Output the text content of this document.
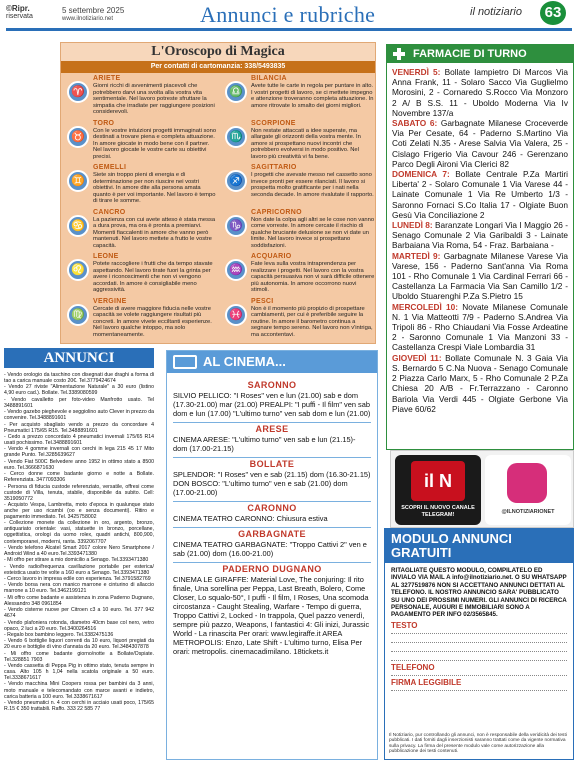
©Ripr.
riservata
5 settembre 2025
www.ilnotiziario.net	Annunci e rubriche	il notiziario	63
L'Oroscopo di Magica
Per contatti di cartomanzia: 338/5493835
♈
ARIETE
Giorni ricchi di avvenimenti piacevoli che potrebbero darvi una svolta alla vostra vita sentimentale. Nel lavoro potreste sfruttare la simpatia che irradiate per raggiungere posizioni considerevoli.
♉
TORO
Con le vostre intuizioni progetti immaginati sono destinati a trovare piena e completa attuazione. In amore giocate in modo bene con il partner. Nel lavoro giocate le vostre carte su obiettivi precisi.
♊
GEMELLI
Siete sin troppo pieni di energia e di determinazione per non riuscire nei vostri obiettivi. In amore dite alla persona amata quanto è per voi importante. Nel lavoro è tempo di tirare le somme.
♋
CANCRO
La pazienza con cui avete atteso è stata messa a dura prova, ma ora è pronta a premiarvi. Momenti fiaccalenti in amore che vanno però mantenuti. Nel lavoro mettete a frutto le vostre capacità.
♌
LEONE
Potete raccogliere i frutti che da tempo stavate aspettando. Nel lavoro tirate fuori la grinta per avere i riconoscimenti che non vi vengono accordati. In amore è consigliabile meno aggressività.
♍
VERGINE
Cercate di avere maggiore fiducia nelle vostre capacità se volete raggiungere risultati più concreti. In amore vivete ecciltanti esperienze. Nel lavoro qualche intoppo, ma solo momentaneamente.
♎
BILANCIA
Avete tutte le carte in regola per puntare in alto. I vostri progetti di lavoro, se ci mettete impegno e attenzione troveranno completa attuazione. In amore ritrovate lo smalto dei giorni migliori.
♏
SCORPIONE
Non restate attaccati a idee superate, ma allargate gli orizzonti della vostra mente. In amore si prospettano nuovi incontri che potrebbero evolversi in modo positivo. Nel lavoro più creatività vi fa bene.
♐
SAGITTARIO
I progetti che avevate messo nel cassetto sono invece pronti per essere rilanciati. Il lavoro si prospetta molto gratificante per i nati nella seconda decade. In amore rivalutate il rapporto.
♑
CAPRICORNO
Non date la colpa agli altri se le cose non vanno come vorreste. In amore cercate il rischio di qualche bruciante delusione se non vi date un limite. Nel lavoro invece si prospettano soddisfazioni.
♒
ACQUARIO
Fate leva sulla vostra intraprendenza per realizzare i progetti. Nel lavoro con la vostra capacità persuasiva non vi sarà difficile ottenere più autonomia. In amore occorrono nuovi stimoli.
♓
PESCI
Non è il momento più propizio di prospettare cambiamenti, per cui è preferibile seguire la routine. In amore il barometro continua a segnare tempo sereno. Nel lavoro non v'intriga, ma accontentavi.
FARMACIE DI TURNO
VENERDÌ 5: Bollate Iampietro Di Marcos Via Anna Frank, 11 - Solaro Sacco Via Guglielmo Morosini, 2 - Cornaredo S.Rocco Via Monzoro 2 A/ B S.S. 11 - Uboldo Moderna Via Iv Novembre 137/a
SABATO 6: Garbagnate Milanese Croceverde Via Per Cesate, 64 - Paderno S.Martino Via Coti Zelati N.35 - Arese Salvia Via Valera, 25 - Cislago Frigerio Via Cavour 246 - Gerenzano Parco Degli Aironi Via Clerici 82
DOMENICA 7: Bollate Centrale P.Za Martiri Liberta' 2 - Solaro Comunale 1 Via Varese 44 - Lainate Comunale 1 Via Re Umberto 1/3 - Saronno Fornaci S.Co Italia 17 - Olgiate Buon Gesù Via Conciliazione 2
LUNEDÌ 8: Baranzate Longari Via I Maggio 26 - Senago Comunale 2 Via Garibaldi 3 - Lainate Barbaiana Via Roma, 54 - Fraz. Barbaiana -
MARTEDÌ 9: Garbagnate Milanese Varese Via Varese, 156 - Paderno Sant'anna Via Roma 101 - Rho Comunale 1 Via Cardinal Ferrari 66 - Castellanza La Farmacia Via San Camillo 1/2 - Uboldo Stuarenghi P.Za S.Pietro 15
MERCOLEDÌ 10: Novate Milanese Comunale N. 1 Via Matteotti 7/9 - Paderno S.Andrea Via Tripoli 86 - Rho Chiaudani Via Fosse Ardeatine 2 - Saronno Comunale 1 Via Manzoni 33 - Castellanza Crespi Viale Lombardia 31
GIOVEDÌ 11: Bollate Comunale N. 3 Gaia Via S. Bernardo 5 C.Na Nuova - Senago Comunale 2 Piazza Carlo Marx, 5 - Rho Comunale 2 P.Za Chiesa 20 A/B - Fr.Terrazzano - Caronno Bariola Via Verdi 445 - Olgiate Gerbone Via Piave 60/62
il N
SCOPRI IL NUOVO CANALE TELEGRAM!	@ILNOTIZIARIONET
MODULO ANNUNCI GRATUITI
RITAGLIATE QUESTO MODULO, COMPILATELO ED INVIALO VIA MAIL A info@ilnotiziario.net. O SU WHATSAPP AL 3277519876 NON SI ACCETTANO ANNUNCI DETTATI AL TELEFONO. IL NOSTRO ANNUNCIO SARA' PUBBLICATO SU UNO DEI PROSSIMI NUMERI. GLI ANNUNCI DI RICERCA PERSONALE, AUGURI E IMMOBILIARI SONO A PAGAMENTO PER INFO 02/3565845.
TESTO
TELEFONO
FIRMA LEGGIBILE
Il Notiziario, pur controllando gli annunci, non è responsabile della veridicità dei testi pubblicati. I dati forniti dagli inserzionisti saranno trattati come da vigente normativa sulla privacy. La firma del presente modulo vale come autorizzazione alla pubblicazione dei testi contenuti.
ANNUNCI

- Vendo orologio da taschino con disegnati due draghi a forma di tao a carica manuale costo 20€. Tel.3779424674

- Vendo 27 riviste "Alimentazione Naturale" a 30 euro (listino 4,90 euro cad.). Bollate. Tel.3389080599

- Vendo cavalletto per foto-video Manfrotto usato. Tel 3488891601

- Vendo gazebo pieghevole e seggiolino auto Clever in prezzo da convenire. Tel.3488891601

- Per acquisto sbagliato vendo a prezzo da concordare 4 Pneumatici 175/65 R15. Tel.3488891601

- Cedo a prezzo concordato 4 pneumatici invernali 175/65 R14 usati pochissimo. Tel.3488891601

- Vendo 4 gomme invernali con cerchi in lega 215 45 17 Mito grande Punto. Tel.3285639627

- Vendo Fiat 500C Belvedere anno 1952 in ottimo stato a 8500 euro. Tel.3666871630

- Cerco donne come badante giorno e notte a Bollate. Referenziata. 3477093306

- Persona di fiducia custode referenziato, versatile, offresi come custode di Villa, tenuta, stabile, disponibile da subito. Cell: 3519050772

- Acquisto Vespa, Lambretta, moto d'epoca in qualunque stato anche per uso ricambi (oo e senza documenti). Ritiro e pagamento immediato. Tel. 3425758002

- Collezione monete da collezione in oro, argento, bronzo, antiquariato orientale: vasi, statuette in bronzo, porcellane, oggettistica, orologi da uomo rolex, quadri antichi, 800,900, contemporanei, moderni, ranta. 3392067707

- Vendo telefono Alcatel Smart 2017 colore Nero Smartphone / Android Wind a 40 euro.Tel.3393471380

- Mi offro per stirare a mio domicilio a Senago. Tel.3393471380

- Vendo radio/frequenza cavillazione portabile per esterica/ esteistica usato tre volte a 160 euro a Senago. Tel.3393471380

- Cerco lavoro in impresa edile con esperienza. Tel.3791582769

- Vendo borsa nera con manico marrone e cinturino di allaccio marrone a 10 euro. Tel.3462199121

- Mi offro come badante e assistenza in zona Paderno Dugnano, Alessandro 348 0961854

- Vendo cisterne nuove per Citroen c3 a 10 euro. Tel. 377 942 4674

- Vendo plafoniera rotonda, diametro 40cm base col nero, vetro opaco, 2 luci a 20 euro. Tel.3400264516

- Regalo box bambino leggero. Tel.3382475136

- Vendo 6 bottiglie liquori correnti da 10 euro, liquori pregiati da 20 euro e bottiglie di vino d'annata da 20 euro. Tel.3484307878

- Mi offro come badante giorno/notte a Bollate/Ospiate. Tel.328851 7903

- Vendo cassetta di Peppa Pig in ottimo stato, tenuta sempre in casa. Alto 105 h 1,04 nella scatola originale a 50 euro. Tel.3338671617

- Vendo macchina Mini Coopers rossa per bambini da 3 anni, moto manuale e telecomandato con marce avanti e indietro, carica batteria a 100 euro. Tel.3338671617

- Vendo pneumatici n. 4 con cerchi in acciaio usati poco, 175/65 R.15 € 350 trattabili. Raffo. 333 22 585 77

AL CINEMA...
SARONNO
SILVIO PELLICO: "I Roses" ven e lun (21.00) sab e dom (17.30-21.00) mar (21.00) PREALPI: "I puffi - Il film" ven sab dom e lun (17.00) "L'ultimo turno" ven sab dom e lun (21.00)
ARESE
CINEMA ARESE: "L'ultimo turno" ven sab e lun (21.15)- dom (17.00-21.15)
BOLLATE
SPLENDOR: "I Roses" ven e sab (21.15) dom (16.30-21.15) DON BOSCO: "L'ultimo turno" ven e sab (21.00) dom (17.00-21.00)
CARONNO
CINEMA TEATRO CARONNO: Chiusura estiva
GARBAGNATE
CINEMA TEATRO GARBAGNATE: "Troppo Cattivi 2" ven e sab (21.00) dom (16.00-21.00)
PADERNO DUGNANO
CINEMA LE GIRAFFE: Material Love, The conjuring: Il rito finale, Una sorellina per Peppa, Last Breath, Bolero, Come Closer, Lo squalo-50°, I puffi - Il film, I Roses, Una scomoda circostanza - Caught Stealing, Warfare - Tempo di guerra, Troppo Cattivi 2, Locked - In trappola, Quel pazzo venerdì, sempre più pazzo, Weapons, I fantastici 4: Gli inizi, Jurassic World - La rinascita Per orari: www.legiraffe.it AREA METROPOLIS: Enzo, Late Shift - L'ultimo turno, Elisa Per orari: metropolis. cinemacadimilano. 18tickets.it
